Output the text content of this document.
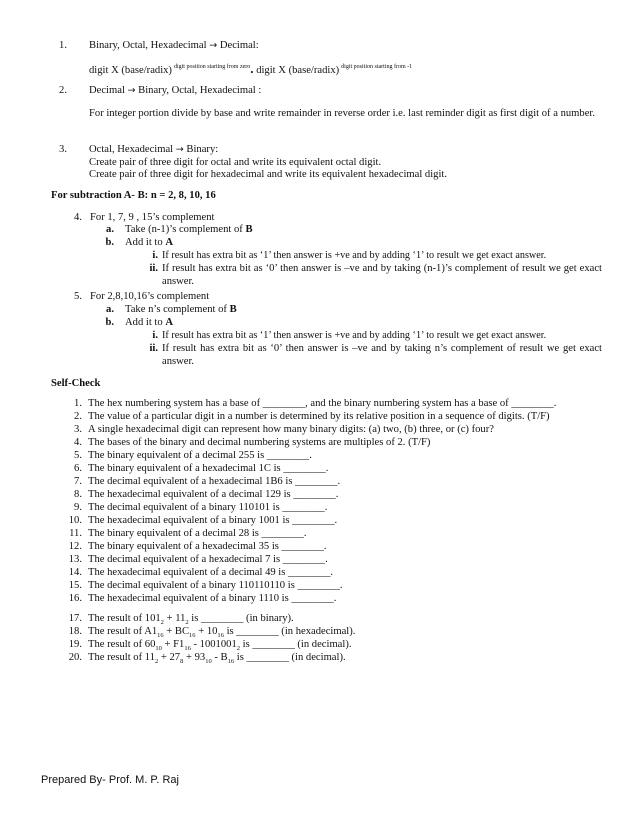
1. Binary, Octal, Hexadecimal → Decimal:
digit X (base/radix) $^{digit position starting from zero}$. digit X (base/radix) $^{digit position starting from -1}$
2. Decimal → Binary, Octal, Hexadecimal :
For integer portion divide by base and write remainder in reverse order i.e. last reminder digit as first digit of a number.
3. Octal, Hexadecimal → Binary:
Create pair of three digit for octal and write its equivalent octal digit.
Create pair of three digit for hexadecimal and write its equivalent hexadecimal digit.
For subtraction A- B: n = 2, 8, 10, 16
4. For 1, 7, 9 , 15’s complement
a. Take (n-1)’s complement of B
b. Add it to A
i. If result has extra bit as ‘1’ then answer is +ve and by adding ‘1’ to result we get exact answer.
ii. If result has extra bit as ‘0’ then answer is –ve and by taking (n-1)’s complement of result we get exact answer.
5. For 2,8,10,16’s complement
a. Take n’s complement of B
b. Add it to A
i. If result has extra bit as ‘1’ then answer is +ve and by adding ‘1’ to result we get exact answer.
ii. If result has extra bit as ‘0’ then answer is –ve and by taking n’s complement of result we get exact answer.
Self-Check
1. The hex numbering system has a base of ________, and the binary numbering system has a base of ________.
2. The value of a particular digit in a number is determined by its relative position in a sequence of digits. (T/F)
3. A single hexadecimal digit can represent how many binary digits: (a) two, (b) three, or (c) four?
4. The bases of the binary and decimal numbering systems are multiples of 2. (T/F)
5. The binary equivalent of a decimal 255 is ________.
6. The binary equivalent of a hexadecimal 1C is ________.
7. The decimal equivalent of a hexadecimal 1B6 is ________.
8. The hexadecimal equivalent of a decimal 129 is ________.
9. The decimal equivalent of a binary 110101 is ________.
10. The hexadecimal equivalent of a binary 1001 is ________.
11. The binary equivalent of a decimal 28 is ________.
12. The binary equivalent of a hexadecimal 35 is ________.
13. The decimal equivalent of a hexadecimal 7 is ________.
14. The hexadecimal equivalent of a decimal 49 is ________.
15. The decimal equivalent of a binary 110110110 is ________.
16. The hexadecimal equivalent of a binary 1110 is ________.
17. The result of $101_2 + 11_2$ is ________ (in binary).
18. The result of $A1_{16} + BC_{16} + 10_{16}$ is ________ (in hexadecimal).
19. The result of $60_{10} + F1_{16} - 1001001_2$ is ________ (in decimal).
20. The result of $11_2 + 27_8 + 93_{10} - B_{16}$ is ________ (in decimal).
Prepared By- Prof. M. P. Raj
